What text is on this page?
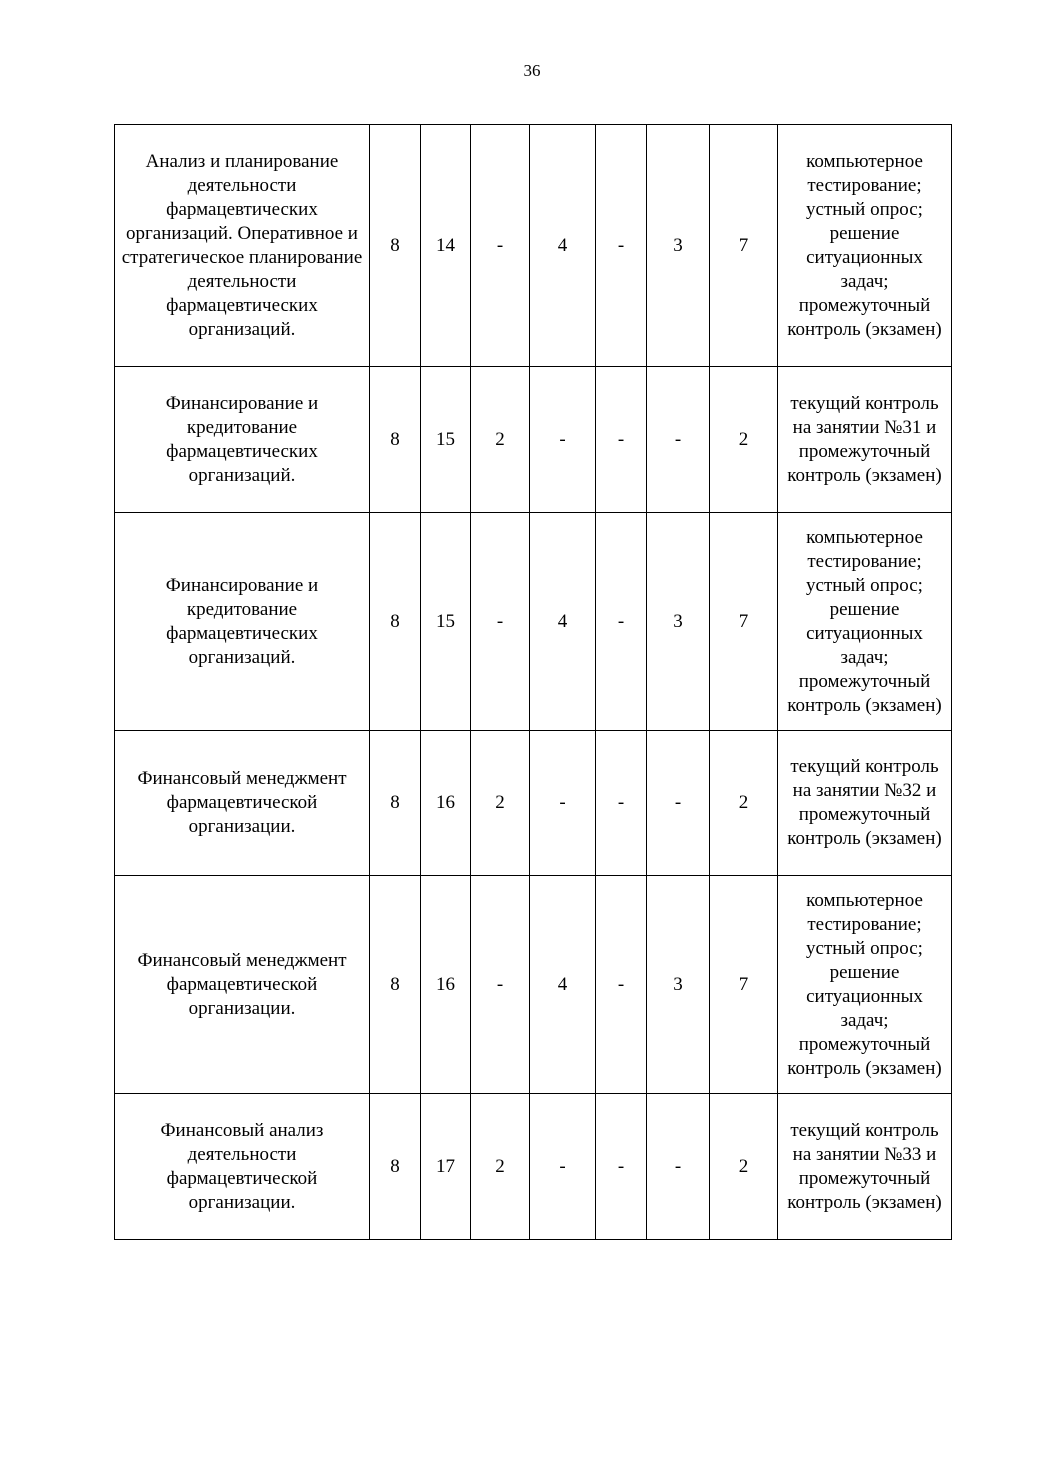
36
Анализ и планирование деятельности фармацевтических организаций. Оперативное и стратегическое планирование деятельности фармацевтических организаций.	8	14	-	4	-	3	7	компьютерное тестирование; устный опрос; решение ситуационных задач; промежуточный контроль (экзамен)
Финансирование и кредитование фармацевтических организаций.	8	15	2	-	-	-	2	текущий контроль на занятии №31 и промежуточный контроль (экзамен)
Финансирование и кредитование фармацевтических организаций.	8	15	-	4	-	3	7	компьютерное тестирование; устный опрос; решение ситуационных задач; промежуточный контроль (экзамен)
Финансовый менеджмент фармацевтической организации.	8	16	2	-	-	-	2	текущий контроль на занятии №32 и промежуточный контроль (экзамен)
Финансовый менеджмент фармацевтической организации.	8	16	-	4	-	3	7	компьютерное тестирование; устный опрос; решение ситуационных задач; промежуточный контроль (экзамен)
Финансовый анализ деятельности фармацевтической организации.	8	17	2	-	-	-	2	текущий контроль на занятии №33 и промежуточный контроль (экзамен)
